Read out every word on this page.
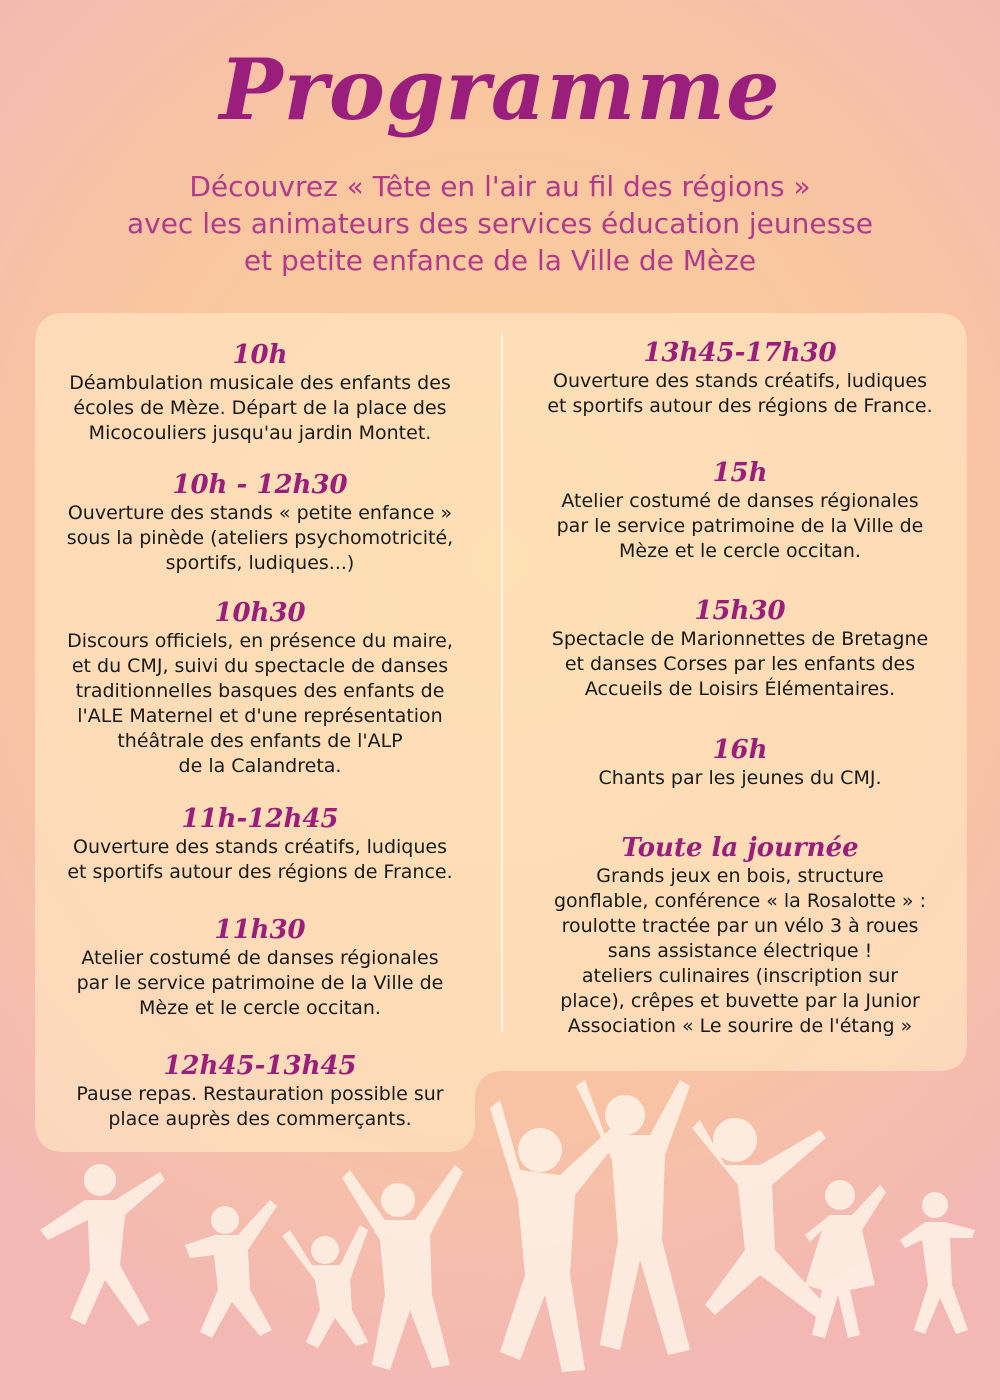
Programme
Découvrez « Tête en l'air au fil des régions »
avec les animateurs des services éducation jeunesse
et petite enfance de la Ville de Mèze
10h
Déambulation musicale des enfants des
écoles de Mèze. Départ de la place des
Micocouliers jusqu'au jardin Montet.
10h - 12h30
Ouverture des stands « petite enfance »
sous la pinède (ateliers psychomotricité,
sportifs, ludiques...)
10h30
Discours officiels, en présence du maire,
et du CMJ, suivi du spectacle de danses
traditionnelles basques des enfants de
l'ALE Maternel et d'une représentation
théâtrale des enfants de l'ALP
de la Calandreta.
11h-12h45
Ouverture des stands créatifs, ludiques
et sportifs autour des régions de France.
11h30
Atelier costumé de danses régionales
par le service patrimoine de la Ville de
Mèze et le cercle occitan.
12h45-13h45
Pause repas. Restauration possible sur
place auprès des commerçants.
13h45-17h30
Ouverture des stands créatifs, ludiques
et sportifs autour des régions de France.
15h
Atelier costumé de danses régionales
par le service patrimoine de la Ville de
Mèze et le cercle occitan.
15h30
Spectacle de Marionnettes de Bretagne
et danses Corses par les enfants des
Accueils de Loisirs Élémentaires.
16h
Chants par les jeunes du CMJ.
Toute la journée
Grands jeux en bois, structure
gonflable, conférence « la Rosalotte » :
roulotte tractée par un vélo 3 à roues
sans assistance électrique !
ateliers culinaires (inscription sur
place), crêpes et buvette par la Junior
Association « Le sourire de l'étang »
